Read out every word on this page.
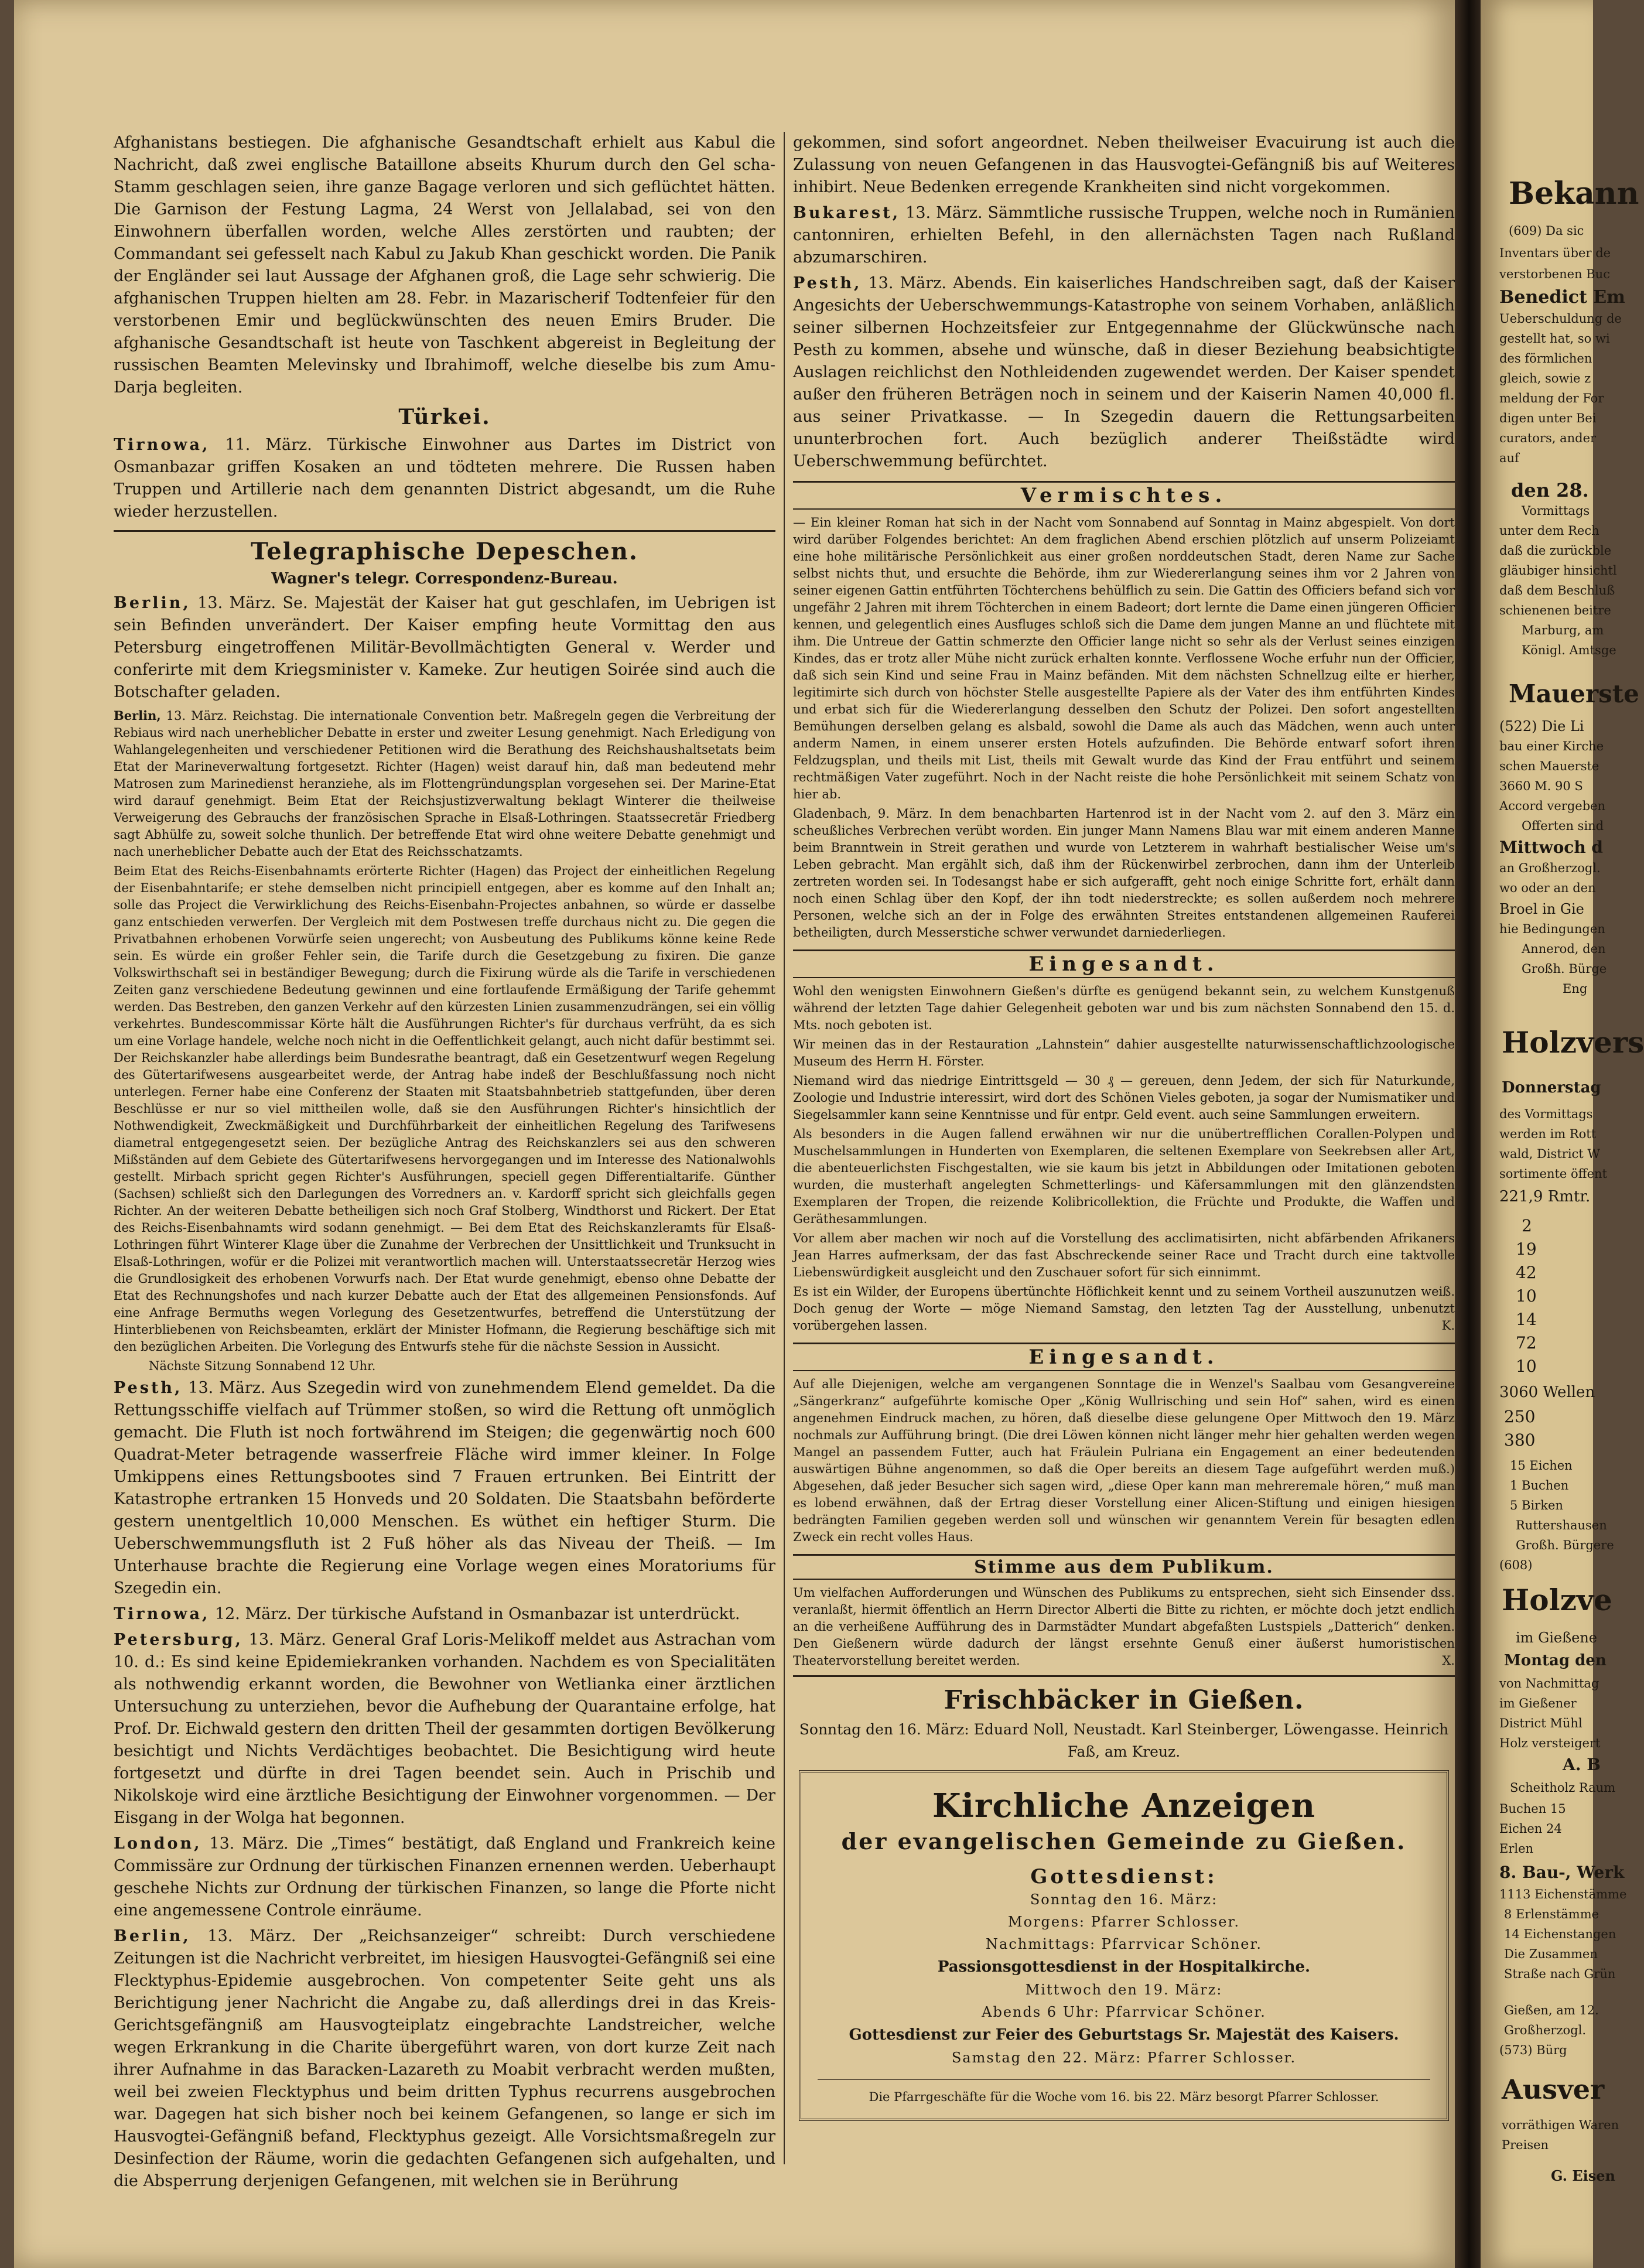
Afghanistans bestiegen. Die afghanische Gesandtschaft erhielt aus Kabul die Nachricht, daß zwei englische Bataillone abseits Khurum durch den Gel scha-Stamm geschlagen seien, ihre ganze Bagage verloren und sich geflüchtet hätten. Die Garnison der Festung Lagma, 24 Werst von Jellalabad, sei von den Einwohnern überfallen worden, welche Alles zerstörten und raubten; der Commandant sei gefesselt nach Kabul zu Jakub Khan geschickt worden. Die Panik der Engländer sei laut Aussage der Afghanen groß, die Lage sehr schwierig. Die afghanischen Truppen hielten am 28. Febr. in Mazarischerif Todtenfeier für den verstorbenen Emir und beglückwünschten des neuen Emirs Bruder. Die afghanische Gesandtschaft ist heute von Taschkent abgereist in Begleitung der russischen Beamten Melevinsky und Ibrahimoff, welche dieselbe bis zum Amu-Darja begleiten.

Türkei.

Tirnowa, 11. März. Türkische Einwohner aus Dartes im District von Osmanbazar griffen Kosaken an und tödteten mehrere. Die Russen haben Truppen und Artillerie nach dem genannten District abgesandt, um die Ruhe wieder herzustellen.

Telegraphische Depeschen.
Wagner's telegr. Correspondenz-Bureau.

Berlin, 13. März. Se. Majestät der Kaiser hat gut geschlafen, im Uebrigen ist sein Befinden unverändert. Der Kaiser empfing heute Vormittag den aus Petersburg eingetroffenen Militär-Bevollmächtigten General v. Werder und conferirte mit dem Kriegsminister v. Kameke. Zur heutigen Soirée sind auch die Botschafter geladen.

Berlin, 13. März. Reichstag. Die internationale Convention betr. Maßregeln gegen die Verbreitung der Rebiaus wird nach unerheblicher Debatte in erster und zweiter Lesung genehmigt. Nach Erledigung von Wahlangelegenheiten und verschiedener Petitionen wird die Berathung des Reichshaushaltsetats beim Etat der Marineverwaltung fortgesetzt. Richter (Hagen) weist darauf hin, daß man bedeutend mehr Matrosen zum Marinedienst heranziehe, als im Flottengründungsplan vorgesehen sei. Der Marine-Etat wird darauf genehmigt. Beim Etat der Reichsjustizverwaltung beklagt Winterer die theilweise Verweigerung des Gebrauchs der französischen Sprache in Elsaß-Lothringen. Staatssecretär Friedberg sagt Abhülfe zu, soweit solche thunlich. Der betreffende Etat wird ohne weitere Debatte genehmigt und nach unerheblicher Debatte auch der Etat des Reichsschatzamts.

Beim Etat des Reichs-Eisenbahnamts erörterte Richter (Hagen) das Project der einheitlichen Regelung der Eisenbahntarife; er stehe demselben nicht principiell entgegen, aber es komme auf den Inhalt an; solle das Project die Verwirklichung des Reichs-Eisenbahn-Projectes anbahnen, so würde er dasselbe ganz entschieden verwerfen. Der Vergleich mit dem Postwesen treffe durchaus nicht zu. Die gegen die Privatbahnen erhobenen Vorwürfe seien ungerecht; von Ausbeutung des Publikums könne keine Rede sein. Es würde ein großer Fehler sein, die Tarife durch die Gesetzgebung zu fixiren. Die ganze Volkswirthschaft sei in beständiger Bewegung; durch die Fixirung würde als die Tarife in verschiedenen Zeiten ganz verschiedene Bedeutung gewinnen und eine fortlaufende Ermäßigung der Tarife gehemmt werden. Das Bestreben, den ganzen Verkehr auf den kürzesten Linien zusammenzudrängen, sei ein völlig verkehrtes. Bundescommissar Körte hält die Ausführungen Richter's für durchaus verfrüht, da es sich um eine Vorlage handele, welche noch nicht in die Oeffentlichkeit gelangt, auch nicht dafür bestimmt sei. Der Reichskanzler habe allerdings beim Bundesrathe beantragt, daß ein Gesetzentwurf wegen Regelung des Gütertarifwesens ausgearbeitet werde, der Antrag habe indeß der Beschlußfassung noch nicht unterlegen. Ferner habe eine Conferenz der Staaten mit Staatsbahnbetrieb stattgefunden, über deren Beschlüsse er nur so viel mittheilen wolle, daß sie den Ausführungen Richter's hinsichtlich der Nothwendigkeit, Zweckmäßigkeit und Durchführbarkeit der einheitlichen Regelung des Tarifwesens diametral entgegengesetzt seien. Der bezügliche Antrag des Reichskanzlers sei aus den schweren Mißständen auf dem Gebiete des Gütertarifwesens hervorgegangen und im Interesse des Nationalwohls gestellt. Mirbach spricht gegen Richter's Ausführungen, speciell gegen Differentialtarife. Günther (Sachsen) schließt sich den Darlegungen des Vorredners an. v. Kardorff spricht sich gleichfalls gegen Richter. An der weiteren Debatte betheiligen sich noch Graf Stolberg, Windthorst und Rickert. Der Etat des Reichs-Eisenbahnamts wird sodann genehmigt. — Bei dem Etat des Reichskanzleramts für Elsaß-Lothringen führt Winterer Klage über die Zunahme der Verbrechen der Unsittlichkeit und Trunksucht in Elsaß-Lothringen, wofür er die Polizei mit verantwortlich machen will. Unterstaatssecretär Herzog wies die Grundlosigkeit des erhobenen Vorwurfs nach. Der Etat wurde genehmigt, ebenso ohne Debatte der Etat des Rechnungshofes und nach kurzer Debatte auch der Etat des allgemeinen Pensionsfonds. Auf eine Anfrage Bermuths wegen Vorlegung des Gesetzentwurfes, betreffend die Unterstützung der Hinterbliebenen von Reichsbeamten, erklärt der Minister Hofmann, die Regierung beschäftige sich mit den bezüglichen Arbeiten. Die Vorlegung des Entwurfs stehe für die nächste Session in Aussicht.

Nächste Sitzung Sonnabend 12 Uhr.

Pesth, 13. März. Aus Szegedin wird von zunehmendem Elend gemeldet. Da die Rettungsschiffe vielfach auf Trümmer stoßen, so wird die Rettung oft unmöglich gemacht. Die Fluth ist noch fortwährend im Steigen; die gegenwärtig noch 600 Quadrat-Meter betragende wasserfreie Fläche wird immer kleiner. In Folge Umkippens eines Rettungsbootes sind 7 Frauen ertrunken. Bei Eintritt der Katastrophe ertranken 15 Honveds und 20 Soldaten. Die Staatsbahn beförderte gestern unentgeltlich 10,000 Menschen. Es wüthet ein heftiger Sturm. Die Ueberschwemmungsfluth ist 2 Fuß höher als das Niveau der Theiß. — Im Unterhause brachte die Regierung eine Vorlage wegen eines Moratoriums für Szegedin ein.

Tirnowa, 12. März. Der türkische Aufstand in Osmanbazar ist unterdrückt.

Petersburg, 13. März. General Graf Loris-Melikoff meldet aus Astrachan vom 10. d.: Es sind keine Epidemiekranken vorhanden. Nachdem es von Specialitäten als nothwendig erkannt worden, die Bewohner von Wetlianka einer ärztlichen Untersuchung zu unterziehen, bevor die Aufhebung der Quarantaine erfolge, hat Prof. Dr. Eichwald gestern den dritten Theil der gesammten dortigen Bevölkerung besichtigt und Nichts Verdächtiges beobachtet. Die Besichtigung wird heute fortgesetzt und dürfte in drei Tagen beendet sein. Auch in Prischib und Nikolskoje wird eine ärztliche Besichtigung der Einwohner vorgenommen. — Der Eisgang in der Wolga hat begonnen.

London, 13. März. Die „Times“ bestätigt, daß England und Frankreich keine Commissäre zur Ordnung der türkischen Finanzen ernennen werden. Ueberhaupt geschehe Nichts zur Ordnung der türkischen Finanzen, so lange die Pforte nicht eine angemessene Controle einräume.

Berlin, 13. März. Der „Reichsanzeiger“ schreibt: Durch verschiedene Zeitungen ist die Nachricht verbreitet, im hiesigen Hausvogtei-Gefängniß sei eine Flecktyphus-Epidemie ausgebrochen. Von competenter Seite geht uns als Berichtigung jener Nachricht die Angabe zu, daß allerdings drei in das Kreis-Gerichtsgefängniß am Hausvogteiplatz eingebrachte Landstreicher, welche wegen Erkrankung in die Charite übergeführt waren, von dort kurze Zeit nach ihrer Aufnahme in das Baracken-Lazareth zu Moabit verbracht werden mußten, weil bei zweien Flecktyphus und beim dritten Typhus recurrens ausgebrochen war. Dagegen hat sich bisher noch bei keinem Gefangenen, so lange er sich im Hausvogtei-Gefängniß befand, Flecktyphus gezeigt. Alle Vorsichtsmaßregeln zur Desinfection der Räume, worin die gedachten Gefangenen sich aufgehalten, und die Absperrung derjenigen Gefangenen, mit welchen sie in Berührung

gekommen, sind sofort angeordnet. Neben theilweiser Evacuirung ist auch die Zulassung von neuen Gefangenen in das Hausvogtei-Gefängniß bis auf Weiteres inhibirt. Neue Bedenken erregende Krankheiten sind nicht vorgekommen.

Bukarest, 13. März. Sämmtliche russische Truppen, welche noch in Rumänien cantonniren, erhielten Befehl, in den allernächsten Tagen nach Rußland abzumarschiren.

Pesth, 13. März. Abends. Ein kaiserliches Handschreiben sagt, daß der Kaiser Angesichts der Ueberschwemmungs-Katastrophe von seinem Vorhaben, anläßlich seiner silbernen Hochzeitsfeier zur Entgegennahme der Glückwünsche nach Pesth zu kommen, absehe und wünsche, daß in dieser Beziehung beabsichtigte Auslagen reichlichst den Nothleidenden zugewendet werden. Der Kaiser spendet außer den früheren Beträgen noch in seinem und der Kaiserin Namen 40,000 fl. aus seiner Privatkasse. — In Szegedin dauern die Rettungsarbeiten ununterbrochen fort. Auch bezüglich anderer Theißstädte wird Ueberschwemmung befürchtet.

Vermischtes.

— Ein kleiner Roman hat sich in der Nacht vom Sonnabend auf Sonntag in Mainz abgespielt. Von dort wird darüber Folgendes berichtet: An dem fraglichen Abend erschien plötzlich auf unserm Polizeiamt eine hohe militärische Persönlichkeit aus einer großen norddeutschen Stadt, deren Name zur Sache selbst nichts thut, und ersuchte die Behörde, ihm zur Wiedererlangung seines ihm vor 2 Jahren von seiner eigenen Gattin entführten Töchterchens behülflich zu sein. Die Gattin des Officiers befand sich vor ungefähr 2 Jahren mit ihrem Töchterchen in einem Badeort; dort lernte die Dame einen jüngeren Officier kennen, und gelegentlich eines Ausfluges schloß sich die Dame dem jungen Manne an und flüchtete mit ihm. Die Untreue der Gattin schmerzte den Officier lange nicht so sehr als der Verlust seines einzigen Kindes, das er trotz aller Mühe nicht zurück erhalten konnte. Verflossene Woche erfuhr nun der Officier, daß sich sein Kind und seine Frau in Mainz befänden. Mit dem nächsten Schnellzug eilte er hierher, legitimirte sich durch von höchster Stelle ausgestellte Papiere als der Vater des ihm entführten Kindes und erbat sich für die Wiedererlangung desselben den Schutz der Polizei. Den sofort angestellten Bemühungen derselben gelang es alsbald, sowohl die Dame als auch das Mädchen, wenn auch unter anderm Namen, in einem unserer ersten Hotels aufzufinden. Die Behörde entwarf sofort ihren Feldzugsplan, und theils mit List, theils mit Gewalt wurde das Kind der Frau entführt und seinem rechtmäßigen Vater zugeführt. Noch in der Nacht reiste die hohe Persönlichkeit mit seinem Schatz von hier ab.

Gladenbach, 9. März. In dem benachbarten Hartenrod ist in der Nacht vom 2. auf den 3. März ein scheußliches Verbrechen verübt worden. Ein junger Mann Namens Blau war mit einem anderen Manne beim Branntwein in Streit gerathen und wurde von Letzterem in wahrhaft bestialischer Weise um's Leben gebracht. Man ergählt sich, daß ihm der Rückenwirbel zerbrochen, dann ihm der Unterleib zertreten worden sei. In Todesangst habe er sich aufgerafft, geht noch einige Schritte fort, erhält dann noch einen Schlag über den Kopf, der ihn todt niederstreckte; es sollen außerdem noch mehrere Personen, welche sich an der in Folge des erwähnten Streites entstandenen allgemeinen Rauferei betheiligten, durch Messerstiche schwer verwundet darniederliegen.

Eingesandt.

Wohl den wenigsten Einwohnern Gießen's dürfte es genügend bekannt sein, zu welchem Kunstgenuß während der letzten Tage dahier Gelegenheit geboten war und bis zum nächsten Sonnabend den 15. d. Mts. noch geboten ist.

Wir meinen das in der Restauration „Lahnstein“ dahier ausgestellte naturwissenschaftlichzoologische Museum des Herrn H. Förster.

Niemand wird das niedrige Eintrittsgeld — 30 ₰ — gereuen, denn Jedem, der sich für Naturkunde, Zoologie und Industrie interessirt, wird dort des Schönen Vieles geboten, ja sogar der Numismatiker und Siegelsammler kann seine Kenntnisse und für entpr. Geld event. auch seine Sammlungen erweitern.

Als besonders in die Augen fallend erwähnen wir nur die unübertrefflichen Corallen-Polypen und Muschelsammlungen in Hunderten von Exemplaren, die seltenen Exemplare von Seekrebsen aller Art, die abenteuerlichsten Fischgestalten, wie sie kaum bis jetzt in Abbildungen oder Imitationen geboten wurden, die musterhaft angelegten Schmetterlings- und Käfersammlungen mit den glänzendsten Exemplaren der Tropen, die reizende Kolibricollektion, die Früchte und Produkte, die Waffen und Geräthesammlungen.

Vor allem aber machen wir noch auf die Vorstellung des acclimatisirten, nicht abfärbenden Afrikaners Jean Harres aufmerksam, der das fast Abschreckende seiner Race und Tracht durch eine taktvolle Liebenswürdigkeit ausgleicht und den Zuschauer sofort für sich einnimmt.

Es ist ein Wilder, der Europens übertünchte Höflichkeit kennt und zu seinem Vortheil auszunutzen weiß. Doch genug der Worte — möge Niemand Samstag, den letzten Tag der Ausstellung, unbenutzt vorübergehen lassen.	K.

Eingesandt.

Auf alle Diejenigen, welche am vergangenen Sonntage die in Wenzel's Saalbau vom Gesangvereine „Sängerkranz“ aufgeführte komische Oper „König Wullrisching und sein Hof“ sahen, wird es einen angenehmen Eindruck machen, zu hören, daß dieselbe diese gelungene Oper Mittwoch den 19. März nochmals zur Aufführung bringt. (Die drei Löwen können nicht länger mehr hier gehalten werden wegen Mangel an passendem Futter, auch hat Fräulein Pulriana ein Engagement an einer bedeutenden auswärtigen Bühne angenommen, so daß die Oper bereits an diesem Tage aufgeführt werden muß.) Abgesehen, daß jeder Besucher sich sagen wird, „diese Oper kann man mehreremale hören,“ muß man es lobend erwähnen, daß der Ertrag dieser Vorstellung einer Alicen-Stiftung und einigen hiesigen bedrängten Familien gegeben werden soll und wünschen wir genanntem Verein für besagten edlen Zweck ein recht volles Haus.

Stimme aus dem Publikum.

Um vielfachen Aufforderungen und Wünschen des Publikums zu entsprechen, sieht sich Einsender dss. veranlaßt, hiermit öffentlich an Herrn Director Alberti die Bitte zu richten, er möchte doch jetzt endlich an die verheißene Aufführung des in Darmstädter Mundart abgefaßten Lustspiels „Datterich“ denken. Den Gießenern würde dadurch der längst ersehnte Genuß einer äußerst humoristischen Theatervorstellung bereitet werden.	X.

Frischbäcker in Gießen.

Sonntag den 16. März: Eduard Noll, Neustadt. Karl Steinberger, Löwengasse. Heinrich Faß, am Kreuz.

Kirchliche Anzeigen
der evangelischen Gemeinde zu Gießen.
Gottesdienst:
Sonntag den 16. März:
Morgens: Pfarrer Schlosser.
Nachmittags: Pfarrvicar Schöner.
Passionsgottesdienst in der Hospitalkirche.
Mittwoch den 19. März:
Abends 6 Uhr: Pfarrvicar Schöner.
Gottesdienst zur Feier des Geburtstags Sr. Majestät des Kaisers.
Samstag den 22. März: Pfarrer Schlosser.
Die Pfarrgeschäfte für die Woche vom 16. bis 22. März besorgt Pfarrer Schlosser.
Bekann
(609) Da sic
Inventars über de
verstorbenen Buc
Benedict Em
Ueberschuldung de
gestellt hat, so wi
des förmlichen
gleich, sowie z
meldung der For
digen unter Bei
curators, ander
auf
den 28.
Vormittags
unter dem Rech
daß die zurückble
gläubiger hinsichtl
daß dem Beschluß
schienenen beitre
Marburg, am
Königl. Amtsge
Mauerste
(522) Die Li
bau einer Kirche
schen Mauerste
3660 M. 90 S
Accord vergeben
Offerten sind
Mittwoch d
an Großherzogl.
wo oder an den
Broel in Gie
hie Bedingungen
Annerod, den
Großh. Bürge
Eng
Holzvers
Donnerstag
des Vormittags
werden im Rott
wald, District W
sortimente öffent
221,9 Rmtr.
2
19
42
10
14
72
10
3060 Wellen
250
380
15 Eichen
1 Buchen
5 Birken
Ruttershausen
Großh. Bürgere
(608)
Holzve
im Gießene
Montag den
von Nachmittag
im Gießener
District Mühl
Holz versteigert
A. B
Scheitholz Raum
Buchen 15
Eichen 24
Erlen
8. Bau-, Werk
1113 Eichenstämme
8 Erlenstämme
14 Eichenstangen
Die Zusammen
Straße nach Grün
Gießen, am 12.
Großherzogl.
(573) Bürg
Ausver
vorräthigen Waren
Preisen
G. Eisen
